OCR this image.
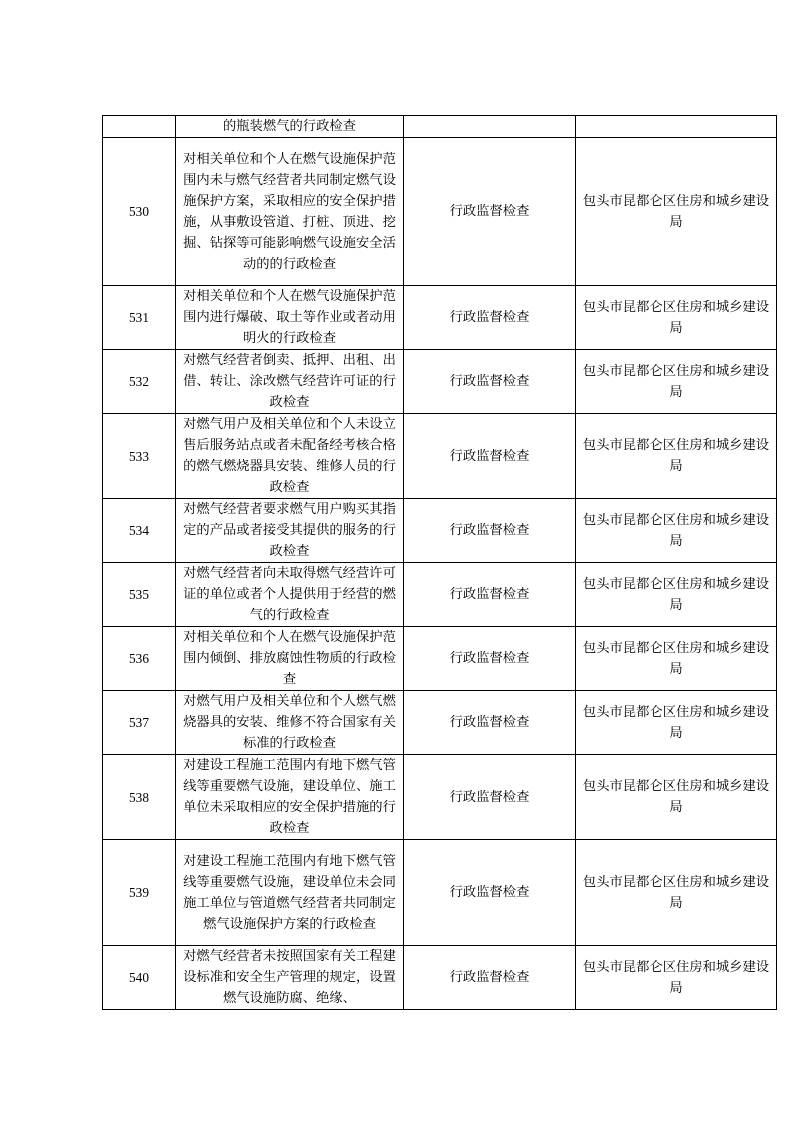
	的瓶装燃气的行政检查		
530	对相关单位和个人在燃气设施保护范围内未与燃气经营者共同制定燃气设施保护方案，采取相应的安全保护措施，从事敷设管道、打桩、顶进、挖掘、钻探等可能影响燃气设施安全活动的的行政检查	行政监督检查	包头市昆都仑区住房和城乡建设局
531	对相关单位和个人在燃气设施保护范围内进行爆破、取土等作业或者动用明火的行政检查	行政监督检查	包头市昆都仑区住房和城乡建设局
532	对燃气经营者倒卖、抵押、出租、出借、转让、涂改燃气经营许可证的行政检查	行政监督检查	包头市昆都仑区住房和城乡建设局
533	对燃气用户及相关单位和个人未设立售后服务站点或者未配备经考核合格的燃气燃烧器具安装、维修人员的行政检查	行政监督检查	包头市昆都仑区住房和城乡建设局
534	对燃气经营者要求燃气用户购买其指定的产品或者接受其提供的服务的行政检查	行政监督检查	包头市昆都仑区住房和城乡建设局
535	对燃气经营者向未取得燃气经营许可证的单位或者个人提供用于经营的燃气的行政检查	行政监督检查	包头市昆都仑区住房和城乡建设局
536	对相关单位和个人在燃气设施保护范围内倾倒、排放腐蚀性物质的行政检查	行政监督检查	包头市昆都仑区住房和城乡建设局
537	对燃气用户及相关单位和个人燃气燃烧器具的安装、维修不符合国家有关标准的行政检查	行政监督检查	包头市昆都仑区住房和城乡建设局
538	对建设工程施工范围内有地下燃气管线等重要燃气设施，建设单位、施工单位未采取相应的安全保护措施的行政检查	行政监督检查	包头市昆都仑区住房和城乡建设局
539	对建设工程施工范围内有地下燃气管线等重要燃气设施，建设单位未会同施工单位与管道燃气经营者共同制定燃气设施保护方案的行政检查	行政监督检查	包头市昆都仑区住房和城乡建设局
540	对燃气经营者未按照国家有关工程建设标准和安全生产管理的规定，设置燃气设施防腐、绝缘、	行政监督检查	包头市昆都仑区住房和城乡建设局
